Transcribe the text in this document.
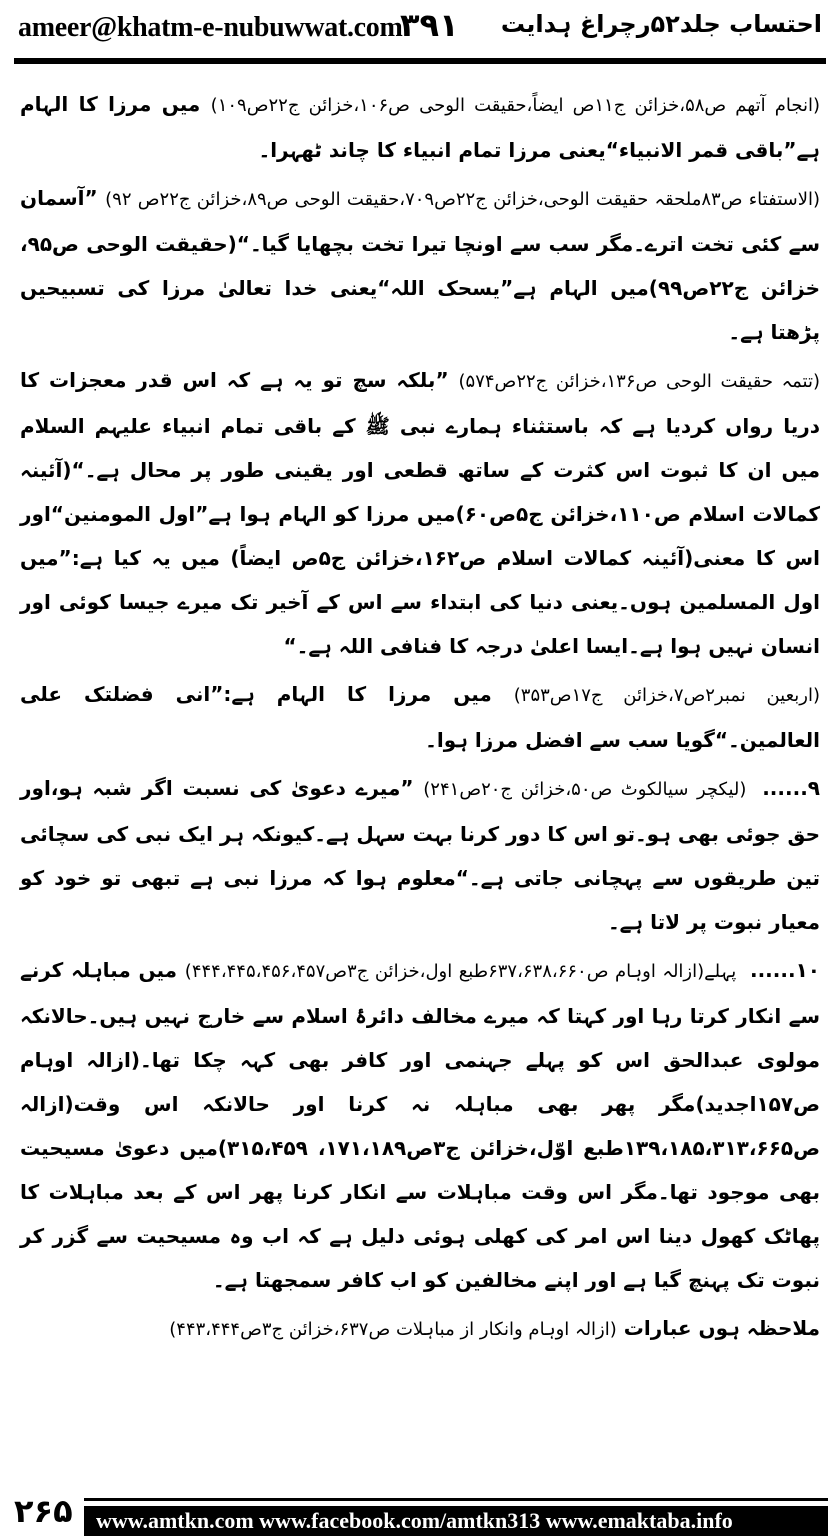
ameer@khatm-e-nubuwwat.com
۳۹۱ احتساب جلد۵۲رچراغ ہدایت

(انجام آتھم ص۵۸،خزائن ج۱۱ص ایضاً،حقیقت الوحی ص۱۰۶،خزائن ج۲۲ص۱۰۹) میں مرزا کا الہام ہے”باقی قمر الانبیاء“یعنی مرزا تمام انبیاء کا چاند ٹھہرا۔

(الاستفتاء ص۸۳ملحقہ حقیقت الوحی،خزائن ج۲۲ص۷۰۹،حقیقت الوحی ص۸۹،خزائن ج۲۲ص ۹۲) ”آسمان سے کئی تخت اترے۔مگر سب سے اونچا تیرا تخت بچھایا گیا۔“(حقیقت الوحی ص۹۵، خزائن ج۲۲ص۹۹)میں الہام ہے”یسحک اللہ“یعنی خدا تعالیٰ مرزا کی تسبیحیں پڑھتا ہے۔

(تتمہ حقیقت الوحی ص۱۳۶،خزائن ج۲۲ص۵۷۴) ”بلکہ سچ تو یہ ہے کہ اس قدر معجزات کا دریا رواں کردیا ہے کہ باستثناء ہمارے نبی ﷺ کے باقی تمام انبیاء علیہم السلام میں ان کا ثبوت اس کثرت کے ساتھ قطعی اور یقینی طور پر محال ہے۔“(آئینہ کمالات اسلام ص۱۱۰،خزائن ج۵ص۶۰)میں مرزا کو الہام ہوا ہے”اول المومنین“اور اس کا معنی(آئینہ کمالات اسلام ص۱۶۲،خزائن ج۵ص ایضاً) میں یہ کیا ہے:”میں اول المسلمین ہوں۔یعنی دنیا کی ابتداء سے اس کے آخیر تک میرے جیسا کوئی اور انسان نہیں ہوا ہے۔ایسا اعلیٰ درجہ کا فنافی اللہ ہے۔“

(اربعین نمبر۲ص۷،خزائن ج۱۷ص۳۵۳) میں مرزا کا الہام ہے:”انی فضلتک علی العالمین۔“گویا سب سے افضل مرزا ہوا۔

۹...... (لیکچر سیالکوٹ ص۵۰،خزائن ج۲۰ص۲۴۱) ”میرے دعویٰ کی نسبت اگر شبہ ہو،اور حق جوئی بھی ہو۔تو اس کا دور کرنا بہت سہل ہے۔کیونکہ ہر ایک نبی کی سچائی تین طریقوں سے پہچانی جاتی ہے۔“معلوم ہوا کہ مرزا نبی ہے تبھی تو خود کو معیار نبوت پر لاتا ہے۔

۱۰...... پہلے(ازالہ اوہام ص۶۳۷،۶۳۸،۶۶۰طبع اول،خزائن ج۳ص۴۴۴،۴۴۵،۴۵۶،۴۵۷) میں مباہلہ کرنے سے انکار کرتا رہا اور کہتا کہ میرے مخالف دائرۂ اسلام سے خارج نہیں ہیں۔حالانکہ مولوی عبدالحق اس کو پہلے جہنمی اور کافر بھی کہہ چکا تھا۔(ازالہ اوہام ص۱۵۷اجدید)مگر پھر بھی مباہلہ نہ کرنا اور حالانکہ اس وقت(ازالہ ص۱۳۹،۱۸۵،۳۱۳،۶۶۵طبع اوّل،خزائن ج۳ص۱۷۱،۱۸۹، ۳۱۵،۴۵۹)میں دعویٰ مسیحیت بھی موجود تھا۔مگر اس وقت مباہلات سے انکار کرنا پھر اس کے بعد مباہلات کا پھاٹک کھول دینا اس امر کی کھلی ہوئی دلیل ہے کہ اب وہ مسیحیت سے گزر کر نبوت تک پہنچ گیا ہے اور اپنے مخالفین کو اب کافر سمجھتا ہے۔

ملاحظہ ہوں عبارات (ازالہ اوہام وانکار از مباہلات ص۶۳۷،خزائن ج۳ص۴۴۳،۴۴۴)

۲۶۵ www.amtkn.com www.facebook.com/amtkn313 www.emaktaba.info
